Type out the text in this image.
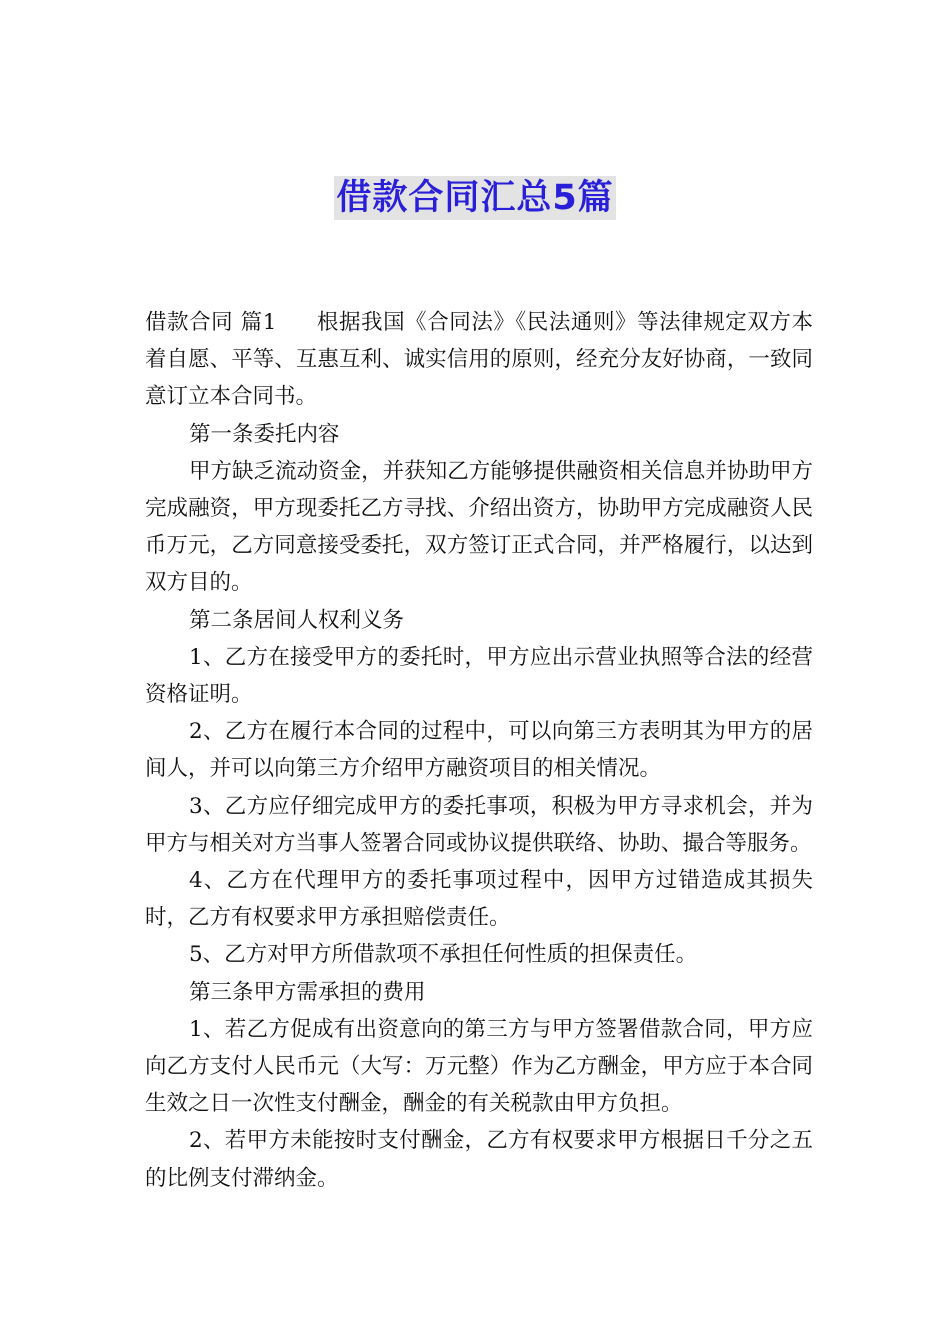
借款合同汇总5篇

借款合同 篇1 根据我国《合同法》《民法通则》等法律规定双方本着自愿、平等、互惠互利、诚实信用的原则，经充分友好协商，一致同意订立本合同书。

第一条委托内容

甲方缺乏流动资金，并获知乙方能够提供融资相关信息并协助甲方完成融资，甲方现委托乙方寻找、介绍出资方，协助甲方完成融资人民币万元，乙方同意接受委托，双方签订正式合同，并严格履行，以达到双方目的。

第二条居间人权利义务

1、乙方在接受甲方的委托时，甲方应出示营业执照等合法的经营资格证明。

2、乙方在履行本合同的过程中，可以向第三方表明其为甲方的居间人，并可以向第三方介绍甲方融资项目的相关情况。

3、乙方应仔细完成甲方的委托事项，积极为甲方寻求机会，并为甲方与相关对方当事人签署合同或协议提供联络、协助、撮合等服务。

4、乙方在代理甲方的委托事项过程中，因甲方过错造成其损失时，乙方有权要求甲方承担赔偿责任。

5、乙方对甲方所借款项不承担任何性质的担保责任。

第三条甲方需承担的费用

1、若乙方促成有出资意向的第三方与甲方签署借款合同，甲方应向乙方支付人民币元（大写：万元整）作为乙方酬金，甲方应于本合同生效之日一次性支付酬金，酬金的有关税款由甲方负担。

2、若甲方未能按时支付酬金，乙方有权要求甲方根据日千分之五的比例支付滞纳金。
